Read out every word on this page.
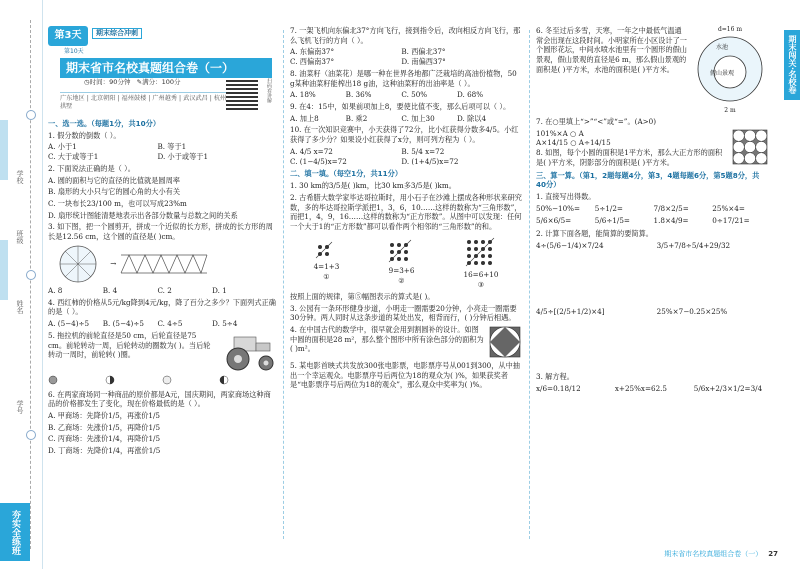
学校
班级
姓名
学号
夯实全练班
期末闯关·名校卷
第3天	期末综合冲刺
第10天
期末省市名校真题组合卷（一）
◷时间：90分钟 ✎满分：100分
广东地区 | 北京朝阳 | 福州鼓楼 | 广州越秀 | 武汉武昌 | 杭州拱墅
扫码看讲解
一、选一选。（每题1分，共10分）
1. 假分数的倒数（ ）。
A. 小于1	B. 等于1 C. 大于或等于1	D. 小于或等于1
2. 下面说法正确的是（ ）。
A. 圆的面积与它的直径的比值就是圆周率
B. 扇形的大小只与它的圆心角的大小有关
C. 一块布长23/100 m，也可以写成23%m
D. 扇形统计图能清楚地表示出各部分数量与总数之间的关系
3. 如下图，把一个圆剪开，拼成一个近似的长方形，拼成的长方形的周长是12.56 cm，这个圆的直径是( )cm。
→
A. 8	B. 4	C. 2	D. 1
4. 西红柿的价格从5元/kg降到4元/kg，降了百分之多少？下面列式正确的是（ ）。
A. (5−4)÷5 B. (5−4)÷5 C. 4÷5	D. 5÷4
5. 拖拉机的前轮直径是50 cm，后轮直径是75 cm。前轮转动一周，后轮转动的圈数为( )。当后轮转动一周时，前轮转( )圈。

6. 在两家商场同一种商品的原价都是A元，国庆期间，两家商场这种商品的价格都发生了变化，现在价格最低的是（ ）。
A. 甲商场：先降价1/5，再涨价1/5
B. 乙商场：先涨价1/5，再降价1/5
C. 丙商场：先涨价1/4，再降价1/5
D. 丁商场：先降价1/4，再涨价1/5
7. 一架飞机向东偏北37°方向飞行，接到指令后，改向相反方向飞行，那么飞机飞行的方向（ ）。
A. 东偏南37°	B. 西偏北37° C. 西偏南37°	D. 南偏西37°
8. 油菜籽（油菜花）是哪一种在世界各地都广泛栽培的高油份植物，50 g某种油菜籽能榨出18 g油，这种油菜籽的出油率是（ ）。
A. 18%	B. 36%	C. 50%	D. 68%
9. 在4：15中，如果前项加上8，要使比值不变，那么后项可以（ ）。
A. 加上8	B. 乘2	C. 加上30	D. 除以4
10. 在一次知识竞赛中，小天获得了72分，比小红获得分数多4/5。小红获得了多少分？如果设小红获得了x分，则可列方程为（ ）。
A. 4/5 x=72	B. 5/4 x=72 C. (1−4/5)x=72	D. (1+4/5)x=72
二、填一填。（每空1分，共11分）
1. 30 km的3/5是( )km，比30 km多3/5是( )km。
2. 古希腊大数学家毕达哥拉斯时，用小石子在沙滩上摆成各种形状来研究数，多的毕达哥拉斯学派把1，3，6，10……这样的数称为“三角形数”，而把1，4，9，16……这样的数称为“正方形数”。从图中可以发现：任何一个大于1的“正方形数”都可以看作两个相邻的“三角形数”的和。
4=1+3
①
9=3+6
②
16=6+10
③
按照上面的规律，第⑤幅图表示的算式是( )。
3. 公园有一条环形健身步道，小明走一圈需要20分钟，小亮走一圈需要30分钟。两人同时从这条步道的某处出发，相背而行，( )分钟后相遇。
4. 在中国古代的数学中，很早就会用到割圆补的设计。如图中圆的面积是28 m²，那么整个图形中所有涂色部分的面积为( )m²。
5. 某电影首映式共发放300张电影票，电影票序号从001到300，从中抽出一个幸运观众。电影票序号后两位为18的观众为( )%，如果获奖者是“电影票序号后两位为18的观众”，那么观众中奖率为( )%。
6. 冬至过后多雪，天寒，一年之中最低气温通常会出现在这段时间。小明家所在小区设计了一个圆形花坛，中间水喷水池里有一个圆形的假山景观，假山景观的直径是6 m，那么假山景观的面积是( )平方米，水池的面积是( )平方米。
d=16 m
水池
假山景观
2 m
7. 在○里填上“>”“<”或“=”。(A>0)
101%×A ○ A
A×14/15 ○ A÷14/15
8. 如图，每个小圆的面积是1平方米，那么大正方形的面积是( )平方米，阴影部分的面积是( )平方米。
三、算一算。（第1，2题每题4分，第3，4题每题6分，第5题8分，共40分）
1. 直接写出得数。
50%−10%=	5÷1/2=	7/8×2/5=	25%×4=
5/6×6/5=	5/6÷1/5=	1.8×4/9=	0÷17/21=
2. 计算下面各题，能简算的要简算。
4÷(5/6−1/4)×7/24	3/5+7/8÷5/4+29/32
4/5÷[(2/5+1/2)×4]	25%×7−0.25×25%
3. 解方程。
x/6=0.18/12	x+25%x=62.5	5/6x+2/3×1/2=3/4
期末省市名校真题组合卷（一） 27
